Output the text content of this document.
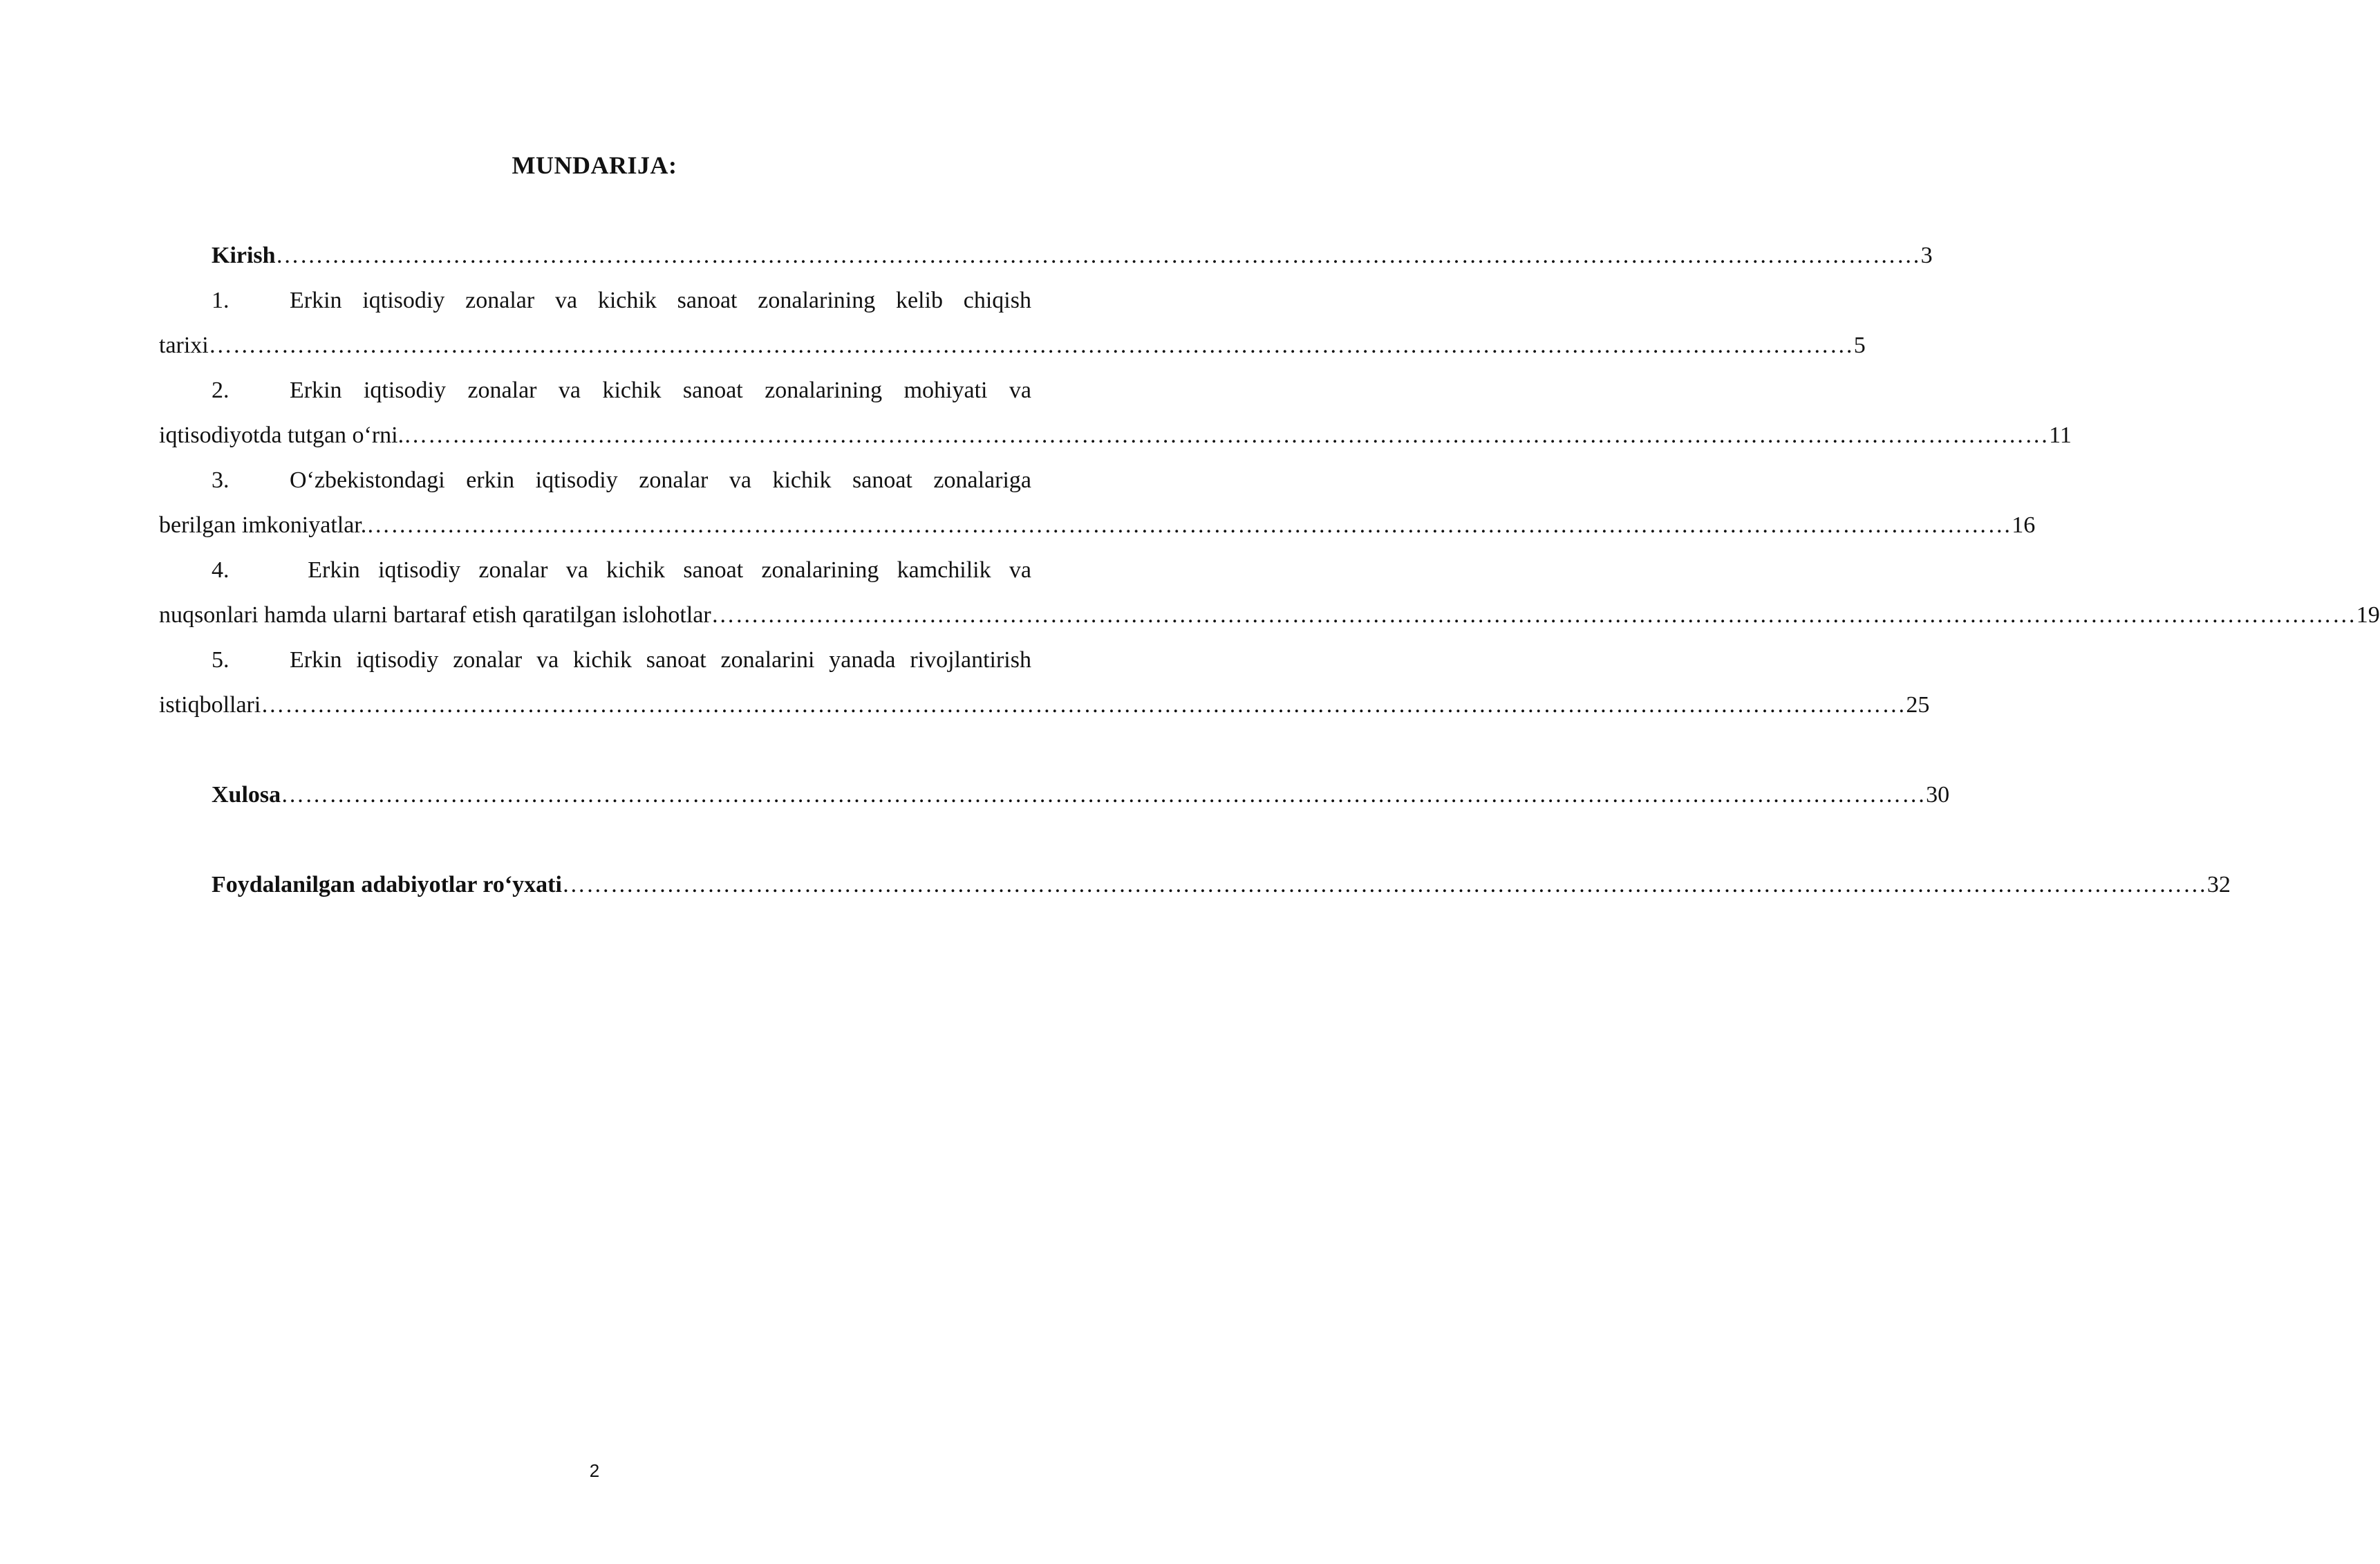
MUNDARIJA:
Kirish …………………………………………………………………………………………………………………………………………………………………………………… 3
1.	Erkin iqtisodiy zonalar va kichik sanoat zonalarining kelib chiqish
tarixi …………………………………………………………………………………………………………………………………………………………………………………… 5
2.	Erkin iqtisodiy zonalar va kichik sanoat zonalarining mohiyati va
iqtisodiyotda tutgan o‘rni. …………………………………………………………………………………………………………………………………………………………………………………… 11
3.	O‘zbekistondagi erkin iqtisodiy zonalar va kichik sanoat zonalariga
berilgan imkoniyatlar. …………………………………………………………………………………………………………………………………………………………………………………… 16
4.	Erkin iqtisodiy zonalar va kichik sanoat zonalarining kamchilik va
nuqsonlari hamda ularni bartaraf etish qaratilgan islohotlar …………………………………………………………………………………………………………………………………………………………………………………… 19
5.	Erkin iqtisodiy zonalar va kichik sanoat zonalarini yanada rivojlantirish
istiqbollari …………………………………………………………………………………………………………………………………………………………………………………… 25
Xulosa …………………………………………………………………………………………………………………………………………………………………………………… 30
Foydalanilgan adabiyotlar ro‘yxati …………………………………………………………………………………………………………………………………………………………………………………… 32
2
